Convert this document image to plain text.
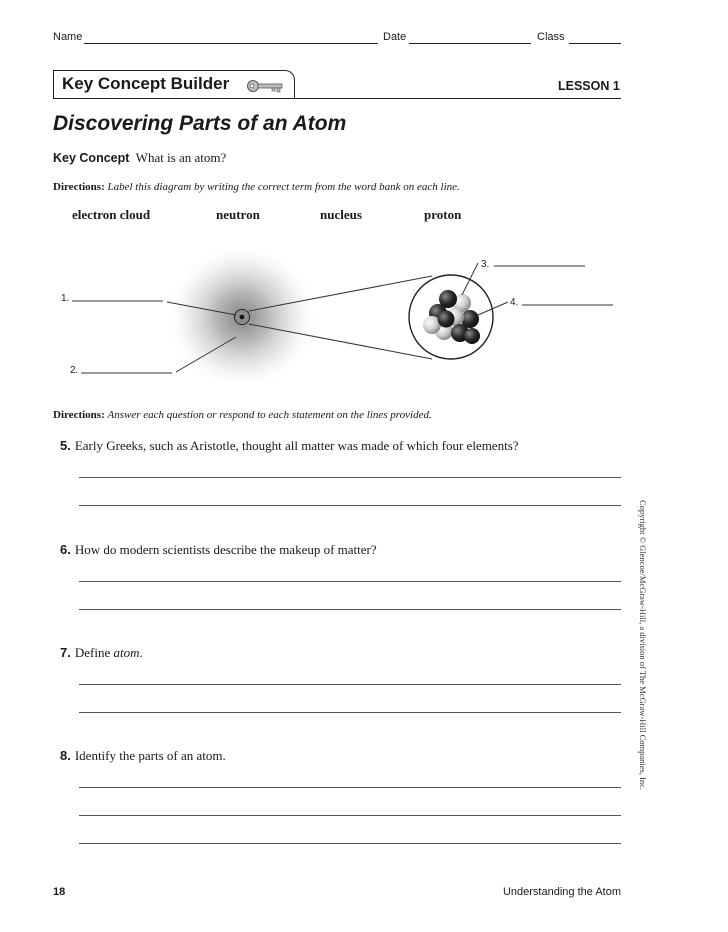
Name	Date	Class
Key Concept Builder	LESSON 1
Discovering Parts of an Atom
Key Concept What is an atom?
Directions: Label this diagram by writing the correct term from the word bank on each line.
electron cloud	neutron	nucleus	proton
1.
2.
3.
4.
Directions: Answer each question or respond to each statement on the lines provided.
5. Early Greeks, such as Aristotle, thought all matter was made of which four elements?
6. How do modern scientists describe the makeup of matter?
7. Define atom.
8. Identify the parts of an atom.	Copyright © Glencoe/McGraw-Hill, a division of The McGraw-Hill Companies, Inc.
18	Understanding the Atom
